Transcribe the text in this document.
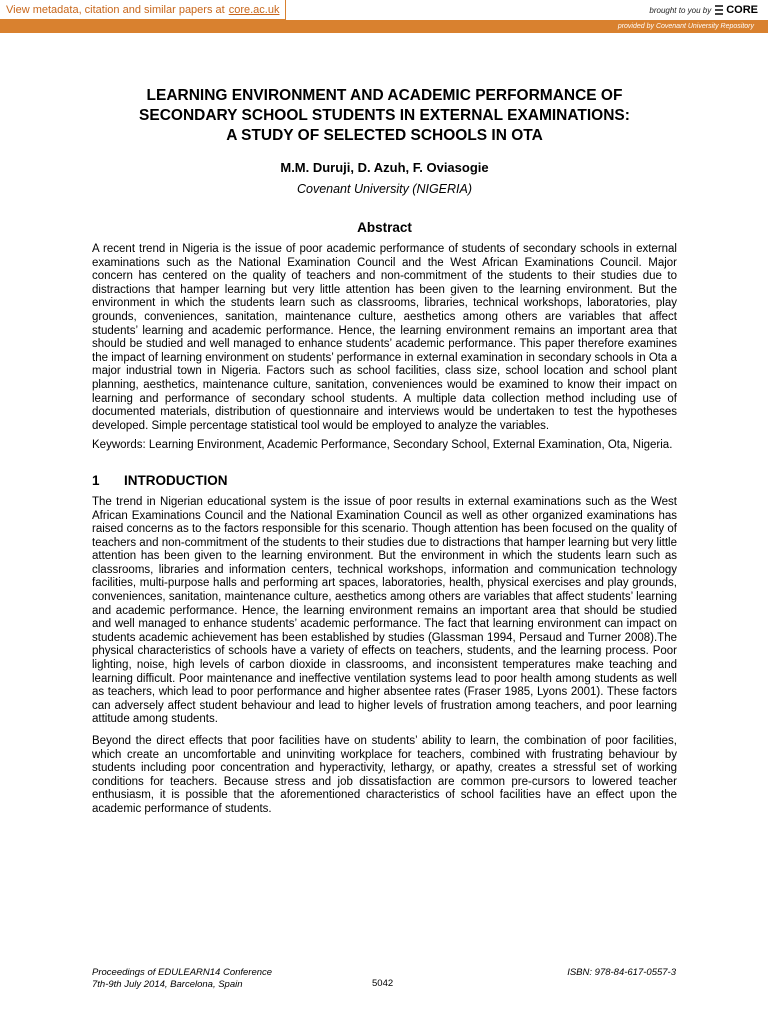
View metadata, citation and similar papers at core.ac.uk	brought to you by CORE
provided by Covenant University Repository
LEARNING ENVIRONMENT AND ACADEMIC PERFORMANCE OF
SECONDARY SCHOOL STUDENTS IN EXTERNAL EXAMINATIONS:
A STUDY OF SELECTED SCHOOLS IN OTA
M.M. Duruji, D. Azuh, F. Oviasogie
Covenant University (NIGERIA)
Abstract

A recent trend in Nigeria is the issue of poor academic performance of students of secondary schools in external examinations such as the National Examination Council and the West African Examinations Council. Major concern has centered on the quality of teachers and non-commitment of the students to their studies due to distractions that hamper learning but very little attention has been given to the learning environment. But the environment in which the students learn such as classrooms, libraries, technical workshops, laboratories, play grounds, conveniences, sanitation, maintenance culture, aesthetics among others are variables that affect students’ learning and academic performance. Hence, the learning environment remains an important area that should be studied and well managed to enhance students’ academic performance. This paper therefore examines the impact of learning environment on students’ performance in external examination in secondary schools in Ota a major industrial town in Nigeria. Factors such as school facilities, class size, school location and school plant planning, aesthetics, maintenance culture, sanitation, conveniences would be examined to know their impact on learning and performance of secondary school students. A multiple data collection method including use of documented materials, distribution of questionnaire and interviews would be undertaken to test the hypotheses developed. Simple percentage statistical tool would be employed to analyze the variables.

Keywords: Learning Environment, Academic Performance, Secondary School, External Examination, Ota, Nigeria.

1	INTRODUCTION

The trend in Nigerian educational system is the issue of poor results in external examinations such as the West African Examinations Council and the National Examination Council as well as other organized examinations has raised concerns as to the factors responsible for this scenario. Though attention has been focused on the quality of teachers and non-commitment of the students to their studies due to distractions that hamper learning but very little attention has been given to the learning environment. But the environment in which the students learn such as classrooms, libraries and information centers, technical workshops, information and communication technology facilities, multi-purpose halls and performing art spaces, laboratories, health, physical exercises and play grounds, conveniences, sanitation, maintenance culture, aesthetics among others are variables that affect students’ learning and academic performance. Hence, the learning environment remains an important area that should be studied and well managed to enhance students’ academic performance. The fact that learning environment can impact on students academic achievement has been established by studies (Glassman 1994, Persaud and Turner 2008).The physical characteristics of schools have a variety of effects on teachers, students, and the learning process. Poor lighting, noise, high levels of carbon dioxide in classrooms, and inconsistent temperatures make teaching and learning difficult. Poor maintenance and ineffective ventilation systems lead to poor health among students as well as teachers, which lead to poor performance and higher absentee rates (Fraser 1985, Lyons 2001). These factors can adversely affect student behaviour and lead to higher levels of frustration among teachers, and poor learning attitude among students.

Beyond the direct effects that poor facilities have on students’ ability to learn, the combination of poor facilities, which create an uncomfortable and uninviting workplace for teachers, combined with frustrating behaviour by students including poor concentration and hyperactivity, lethargy, or apathy, creates a stressful set of working conditions for teachers. Because stress and job dissatisfaction are common pre-cursors to lowered teacher enthusiasm, it is possible that the aforementioned characteristics of school facilities have an effect upon the academic performance of students.

Proceedings of EDULEARN14 Conference
7th-9th July 2014, Barcelona, Spain	5042
ISBN: 978-84-617-0557-3
